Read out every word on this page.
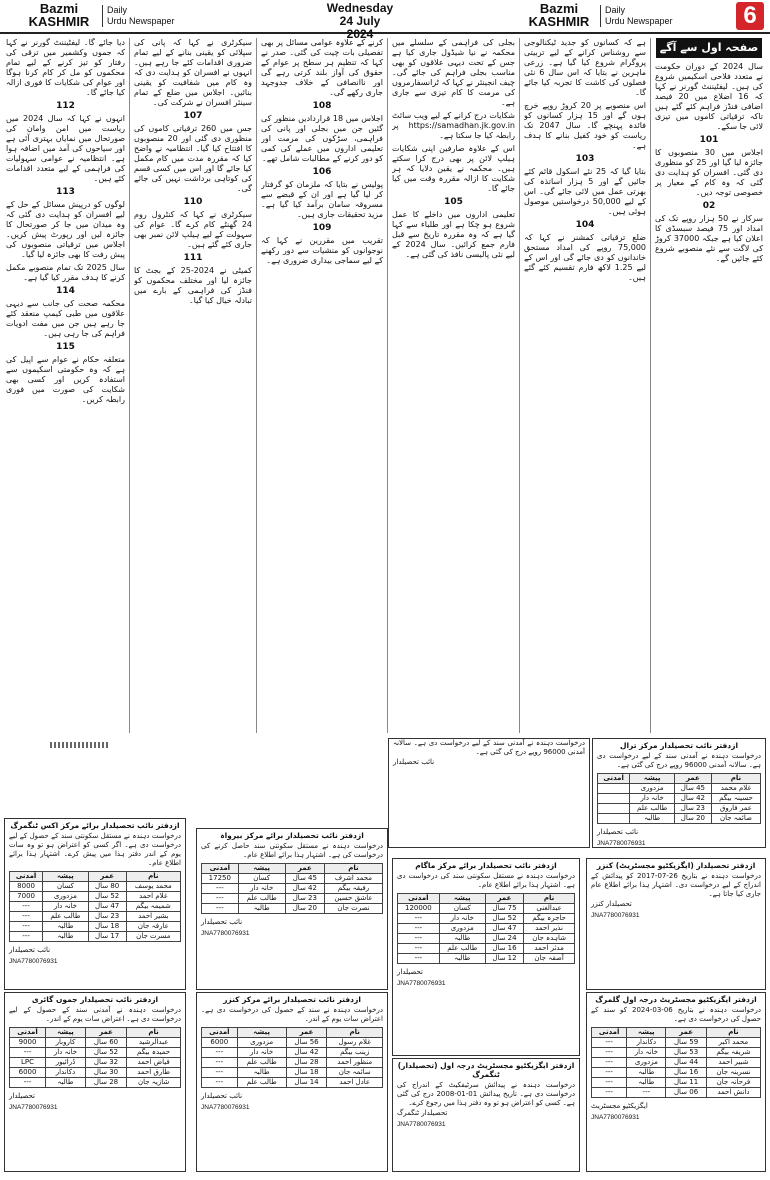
Bazmi
KASHMIR
Daily
Urdu Newspaper
Wednesday
24 July 2024
Bazmi
KASHMIR
Daily
Urdu Newspaper	6
صفحہ اول سے آگے

سال 2024 کے دوران حکومت نے متعدد فلاحی اسکیمیں شروع کی ہیں۔ لیفٹیننٹ گورنر نے کہا کہ 16 اضلاع میں 20 فیصد اضافی فنڈز فراہم کئے گئے ہیں تاکہ ترقیاتی کاموں میں تیزی لائی جا سکے۔

101

اجلاس میں 30 منصوبوں کا جائزہ لیا گیا اور 25 کو منظوری دی گئی۔ افسران کو ہدایت دی گئی کہ وہ کام کے معیار پر خصوصی توجہ دیں۔

02

سرکار نے 50 ہزار روپے تک کی امداد اور 75 فیصد سبسڈی کا اعلان کیا ہے جبکہ 37000 کروڑ کی لاگت سے نئے منصوبے شروع کئے جائیں گے۔

ہے کہ کسانوں کو جدید ٹیکنالوجی سے روشناس کرانے کے لیے تربیتی پروگرام شروع کیا گیا ہے۔ زرعی ماہرین نے بتایا کہ اس سال 6 نئی فصلوں کی کاشت کا تجربہ کیا جائے گا۔

اس منصوبے پر 20 کروڑ روپے خرچ ہوں گے اور 15 ہزار کسانوں کو فائدہ پہنچے گا۔ سال 2047 تک ریاست کو خود کفیل بنانے کا ہدف ہے۔

103

بتایا گیا کہ 25 نئے اسکول قائم کئے جائیں گے اور 5 ہزار اساتذہ کی بھرتی عمل میں لائی جائے گی۔ اس کے لیے 50,000 درخواستیں موصول ہوئی ہیں۔

104

ضلع ترقیاتی کمشنر نے کہا کہ 75,000 روپے کی امداد مستحق خاندانوں کو دی جائے گی اور اس کے لیے 1.25 لاکھ فارم تقسیم کئے گئے ہیں۔

بجلی کی فراہمی کے سلسلے میں محکمہ نے نیا شیڈول جاری کیا ہے جس کے تحت دیہی علاقوں کو بھی مناسب بجلی فراہم کی جائے گی۔ چیف انجینئر نے کہا کہ ٹرانسفارمروں کی مرمت کا کام تیزی سے جاری ہے۔

شکایات درج کرانے کے لیے ویب سائٹ https://samadhan.jk.gov.in پر رابطہ کیا جا سکتا ہے۔

اس کے علاوہ صارفین اپنی شکایات ہیلپ لائن پر بھی درج کرا سکتے ہیں۔ محکمہ نے یقین دلایا کہ ہر شکایت کا ازالہ مقررہ وقت میں کیا جائے گا۔

105

تعلیمی اداروں میں داخلے کا عمل شروع ہو چکا ہے اور طلباء سے کہا گیا ہے کہ وہ مقررہ تاریخ سے قبل فارم جمع کرائیں۔ سال 2024 کے لیے نئی پالیسی نافذ کی گئی ہے۔

کرنے کے علاوہ عوامی مسائل پر بھی تفصیلی بات چیت کی گئی۔ صدر نے کہا کہ تنظیم ہر سطح پر عوام کے حقوق کی آواز بلند کرتی رہے گی اور ناانصافی کے خلاف جدوجہد جاری رکھے گی۔

108

اجلاس میں 18 قراردادیں منظور کی گئیں جن میں بجلی اور پانی کی فراہمی، سڑکوں کی مرمت اور تعلیمی اداروں میں عملے کی کمی کو دور کرنے کے مطالبات شامل تھے۔

106

پولیس نے بتایا کہ ملزمان کو گرفتار کر لیا گیا ہے اور ان کے قبضے سے مسروقہ سامان برآمد کیا گیا ہے۔ مزید تحقیقات جاری ہیں۔

109

تقریب میں مقررین نے کہا کہ نوجوانوں کو منشیات سے دور رکھنے کے لیے سماجی بیداری ضروری ہے۔

سیکرٹری نے کہا کہ پانی کی سپلائی کو یقینی بنانے کے لیے تمام ضروری اقدامات کئے جا رہے ہیں۔ انہوں نے افسران کو ہدایت دی کہ وہ کام میں شفافیت کو یقینی بنائیں۔ اجلاس میں ضلع کے تمام سینئر افسران نے شرکت کی۔

107

جس میں 260 ترقیاتی کاموں کی منظوری دی گئی اور 20 منصوبوں کا افتتاح کیا گیا۔ انتظامیہ نے واضح کیا کہ مقررہ مدت میں کام مکمل کیا جائے گا اور اس میں کسی قسم کی کوتاہی برداشت نہیں کی جائے گی۔

110

سیکرٹری نے کہا کہ کنٹرول روم 24 گھنٹے کام کرے گا۔ عوام کی سہولت کے لیے ہیلپ لائن نمبر بھی جاری کئے گئے ہیں۔

111

کمیٹی نے 2024-25 کے بجٹ کا جائزہ لیا اور مختلف محکموں کو فنڈز کی فراہمی کے بارے میں تبادلہ خیال کیا گیا۔

دیا جائے گا۔ لیفٹیننٹ گورنر نے کہا کہ جموں وکشمیر میں ترقی کی رفتار کو تیز کرنے کے لیے تمام محکموں کو مل کر کام کرنا ہوگا اور عوام کی شکایات کا فوری ازالہ کیا جائے گا۔

112

انہوں نے کہا کہ سال 2024 میں ریاست میں امن وامان کی صورتحال میں نمایاں بہتری آئی ہے اور سیاحوں کی آمد میں اضافہ ہوا ہے۔ انتظامیہ نے عوامی سہولیات کی فراہمی کے لیے متعدد اقدامات کئے ہیں۔

113

لوگوں کو درپیش مسائل کے حل کے لیے افسران کو ہدایت دی گئی کہ وہ میدان میں جا کر صورتحال کا جائزہ لیں اور رپورٹ پیش کریں۔ اجلاس میں ترقیاتی منصوبوں کی پیش رفت کا بھی جائزہ لیا گیا۔

سال 2025 تک تمام منصوبے مکمل کرنے کا ہدف مقرر کیا گیا ہے۔

114

محکمہ صحت کی جانب سے دیہی علاقوں میں طبی کیمپ منعقد کئے جا رہے ہیں جن میں مفت ادویات فراہم کی جا رہی ہیں۔

115

متعلقہ حکام نے عوام سے اپیل کی ہے کہ وہ حکومتی اسکیموں سے استفادہ کریں اور کسی بھی شکایت کی صورت میں فوری رابطہ کریں۔

ازدفتر نائب تحصیلدار مرکز ترال
درخواست دہندہ نے آمدنی سند کے لیے درخواست دی ہے۔ سالانہ آمدنی 96000 روپے درج کی گئی ہے۔
نام	عمر	پیشہ	آمدنی
غلام محمد	45 سال	مزدوری	
حسینہ بیگم	42 سال	خانہ دار	
عمر فاروق	23 سال	طالب علم	
صائمہ جان	20 سال	طالبہ	
نائب تحصیلدار
JNA7780076931
درخواست دہندہ نے آمدنی سند کے لیے درخواست دی ہے۔ سالانہ آمدنی 96000 روپے درج کی گئی ہے۔
نائب تحصیلدار
ازدفتر نائب تحصیلدار برائے مرکز اکس ٹنگمرگ
درخواست دہندہ نے مستقل سکونتی سند کے حصول کے لیے درخواست دی ہے۔ اگر کسی کو اعتراض ہو تو وہ سات یوم کے اندر دفتر ہذا میں پیش کرے۔ اشتہار ہذا برائے اطلاع عام۔
نام	عمر	پیشہ	آمدنی
محمد یوسف	80 سال	کسان	8000
غلام احمد	52 سال	مزدوری	7000
شمیمہ بیگم	47 سال	خانہ دار	---
بشیر احمد	23 سال	طالب علم	---
عارفہ جان	18 سال	طالبہ	---
مسرت جان	17 سال	طالبہ	---
نائب تحصیلدار
JNA7780076931
ازدفتر نائب تحصیلدار برائے مرکز بیرواہ
درخواست دہندہ نے مستقل سکونتی سند حاصل کرنے کی درخواست کی ہے۔ اشتہار ہذا برائے اطلاع عام۔
نام	عمر	پیشہ	آمدنی
محمد اشرف	45 سال	کسان	17250
رفیقہ بیگم	42 سال	خانہ دار	---
عاشق حسین	23 سال	طالب علم	---
نصرت جان	20 سال	طالبہ	---
نائب تحصیلدار
JNA7780076931
ازدفتر نائب تحصیلدار برائے مرکز ماگام
درخواست دہندہ نے مستقل سکونتی سند کی درخواست دی ہے۔ اشتہار ہذا برائے اطلاع عام۔
نام	عمر	پیشہ	آمدنی
عبدالغنی	75 سال	کسان	120000
حاجرہ بیگم	52 سال	خانہ دار	---
نذیر احمد	47 سال	مزدوری	---
شاہدہ جان	24 سال	طالبہ	---
مدثر احمد	16 سال	طالب علم	---
آصفہ جان	12 سال	طالبہ	---
تحصیلدار
JNA7780076931
ازدفتر تحصیلدار (ایگزیکٹیو مجسٹریٹ) کنزر
درخواست دہندہ نے بتاریخ 26-07-2017 کو پیدائش کے اندراج کے لیے درخواست دی۔ اشتہار ہذا برائے اطلاع عام جاری کیا جاتا ہے۔
تحصیلدار کنزر
JNA7780076931
ازدفتر نائب تحصیلدار جموں گائری
درخواست دہندہ نے آمدنی سند کے حصول کے لیے درخواست دی ہے۔ اعتراض سات یوم کے اندر۔
نام	عمر	پیشہ	آمدنی
عبدالرشید	60 سال	کاروبار	9000
حمیدہ بیگم	52 سال	خانہ دار	---
فیاض احمد	32 سال	ڈرائیور	LPC
طارق احمد	30 سال	دکاندار	6000
شازیہ جان	28 سال	طالبہ	---
تحصیلدار
JNA7780076931
ازدفتر نائب تحصیلدار برائے مرکز کنزر
درخواست دہندہ نے سند کے حصول کی درخواست دی ہے۔ اعتراض سات یوم کے اندر۔
نام	عمر	پیشہ	آمدنی
غلام رسول	56 سال	مزدوری	6000
زینب بیگم	42 سال	خانہ دار	---
منظور احمد	28 سال	طالب علم	---
سائمہ جان	18 سال	طالبہ	---
عادل احمد	14 سال	طالب علم	---
نائب تحصیلدار
JNA7780076931
ازدفتر ایگزیکٹیو مجسٹریٹ درجہ اول (تحصیلدار) ٹنگمرگ
درخواست دہندہ نے پیدائش سرٹیفکیٹ کے اندراج کی درخواست دی ہے۔ تاریخ پیدائش 01-01-2008 درج کی گئی ہے۔ کسی کو اعتراض ہو تو وہ دفتر ہذا میں رجوع کرے۔
تحصیلدار ٹنگمرگ
JNA7780076931
ازدفتر ایگزیکٹیو مجسٹریٹ درجہ اول گلمرگ
درخواست دہندہ نے بتاریخ 06-03-2024 کو سند کے حصول کی درخواست دی ہے۔
نام	عمر	پیشہ	آمدنی
محمد اکبر	59 سال	دکاندار	---
شریفہ بیگم	53 سال	خانہ دار	---
شبیر احمد	44 سال	مزدوری	---
نسرینہ جان	16 سال	طالبہ	---
فرحانہ جان	11 سال	طالبہ	---
دانش احمد	06 سال	---	---
ایگزیکٹیو مجسٹریٹ
JNA7780076931
